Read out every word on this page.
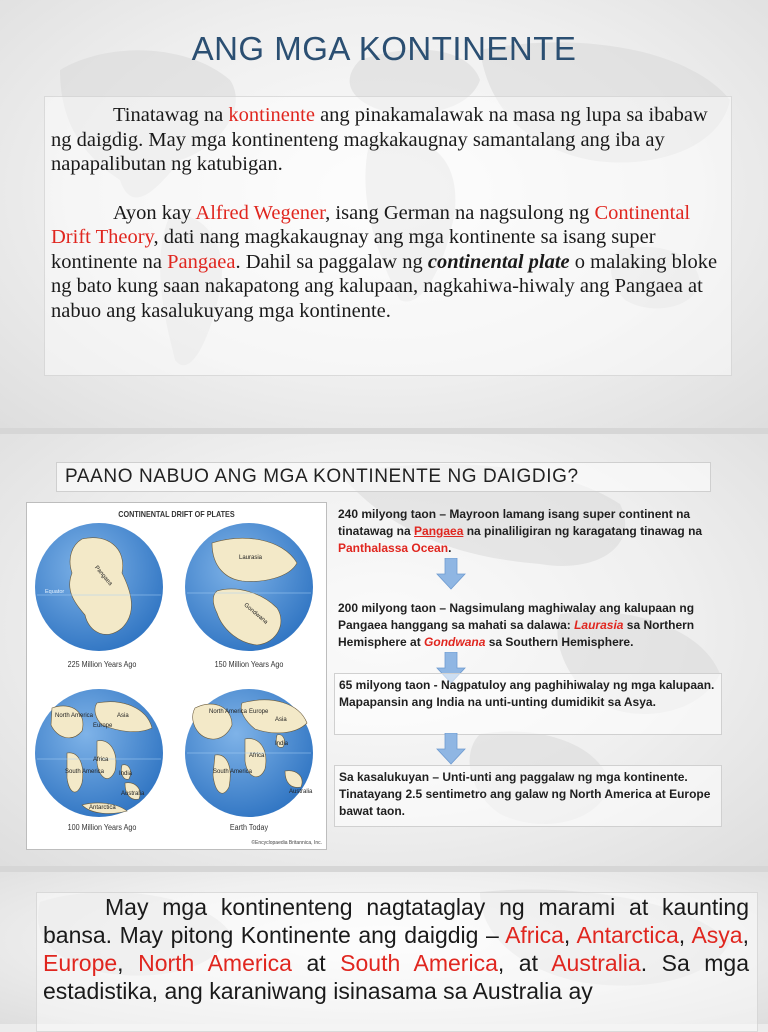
ANG MGA KONTINENTE

Tinatawag na kontinente ang pinakamalawak na masa ng lupa sa ibabaw ng daigdig. May mga kontinenteng magkakaugnay samantalang ang iba ay napapalibutan ng katubigan.

Ayon kay Alfred Wegener, isang German na nagsulong ng Continental Drift Theory, dati nang magkakaugnay ang mga kontinente sa isang super kontinente na Pangaea. Dahil sa paggalaw ng continental plate o malaking bloke ng bato kung saan nakapatong ang kalupaan, nagkahiwa-hiwaly ang Pangaea at nabuo ang kasalukuyang mga kontinente.

PAANO NABUO ANG MGA KONTINENTE NG DAIGDIG?
CONTINENTAL DRIFT OF PLATES
Equator
Pangaea
Laurasia
Gondwana
North America	Asia
Europe
Africa
South America India
Australia
Antarctica
North America Europe
Asia
Africa
India
South America
Australia
225 Million Years Ago	150 Million Years Ago
100 Million Years Ago	Earth Today
©Encyclopaedia Britannica, Inc.
240 milyong taon – Mayroon lamang isang super continent na tinatawag na Pangaea na pinaliligiran ng karagatang tinawag na Panthalassa Ocean.
200 milyong taon – Nagsimulang maghiwalay ang kalupaan ng Pangaea hanggang sa mahati sa dalawa: Laurasia sa Northern Hemisphere at Gondwana sa Southern Hemisphere.
65 milyong taon - Nagpatuloy ang paghihiwalay ng mga kalupaan. Mapapansin ang India na unti-unting dumidikit sa Asya.
Sa kasalukuyan – Unti-unti ang paggalaw ng mga kontinente. Tinatayang 2.5 sentimetro ang galaw ng North America at Europe bawat taon.
May mga kontinenteng nagtataglay ng marami at kaunting bansa. May pitong Kontinente ang daigdig – Africa, Antarctica, Asya, Europe, North America at South America, at Australia. Sa mga estadistika, ang karaniwang isinasama sa Australia ay
